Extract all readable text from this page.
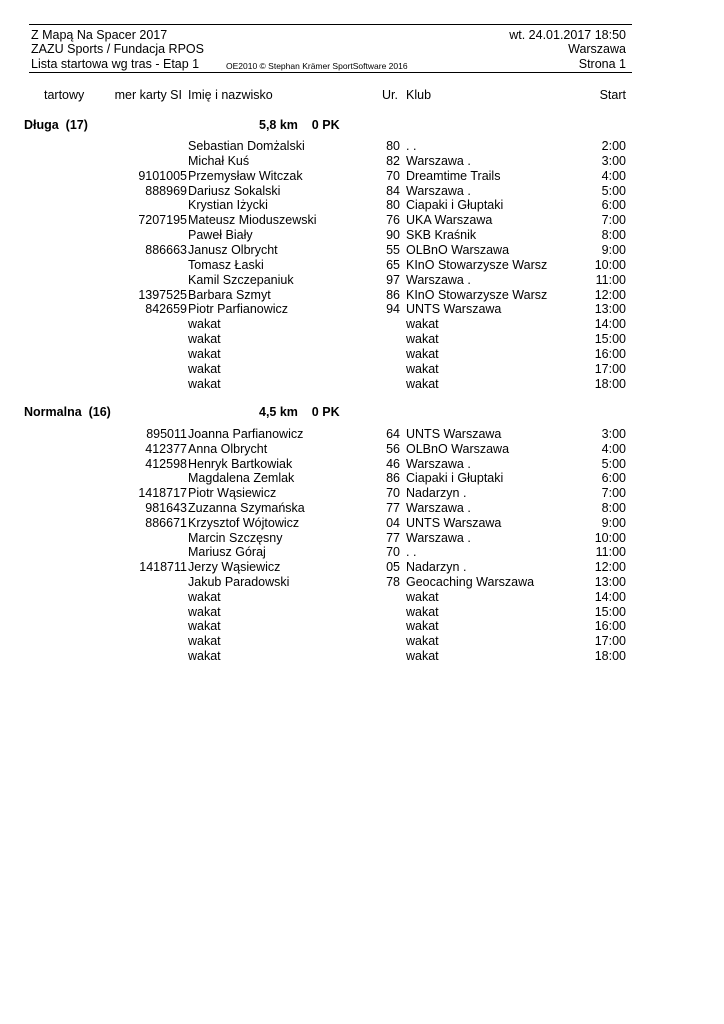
Z Mapą Na Spacer 2017
ZAZU Sports / Fundacja RPOS
Lista startowa wg tras - Etap 1	OE2010 © Stephan Krämer SportSoftware 2016
wt. 24.01.2017 18:50
Warszawa
Strona 1
tartowy mer karty SI Imię i nazwisko	Ur. Klub	Start
Długa  (17)	5,8 km    0 PK
Sebastian Domżalski	80 . .	2:00
Michał Kuś	82 Warszawa .	3:00
9101005 Przemysław Witczak	70 Dreamtime Trails	4:00
888969 Dariusz Sokalski	84 Warszawa .	5:00
Krystian Iżycki	80 Ciapaki i Głuptaki	6:00
7207195 Mateusz Mioduszewski	76 UKA Warszawa	7:00
Paweł Biały	90 SKB Kraśnik	8:00
886663 Janusz Olbrycht	55 OLBnO Warszawa	9:00
Tomasz Łaski	65 KInO Stowarzysze Warsz	10:00
Kamil Szczepaniuk	97 Warszawa .	11:00
1397525 Barbara Szmyt	86 KInO Stowarzysze Warsz	12:00
842659 Piotr Parfianowicz	94 UNTS Warszawa	13:00
wakat	wakat	14:00
wakat	wakat	15:00
wakat	wakat	16:00
wakat	wakat	17:00
wakat	wakat	18:00
Normalna  (16)	4,5 km    0 PK
895011 Joanna Parfianowicz	64 UNTS Warszawa	3:00
412377 Anna Olbrycht	56 OLBnO Warszawa	4:00
412598 Henryk Bartkowiak	46 Warszawa .	5:00
Magdalena Zemlak	86 Ciapaki i Głuptaki	6:00
1418717 Piotr Wąsiewicz	70 Nadarzyn .	7:00
981643 Zuzanna Szymańska	77 Warszawa .	8:00
886671 Krzysztof Wójtowicz	04 UNTS Warszawa	9:00
Marcin Szczęsny	77 Warszawa .	10:00
Mariusz Góraj	70 . .	11:00
1418711 Jerzy Wąsiewicz	05 Nadarzyn .	12:00
Jakub Paradowski	78 Geocaching Warszawa	13:00
wakat	wakat	14:00
wakat	wakat	15:00
wakat	wakat	16:00
wakat	wakat	17:00
wakat	wakat	18:00
